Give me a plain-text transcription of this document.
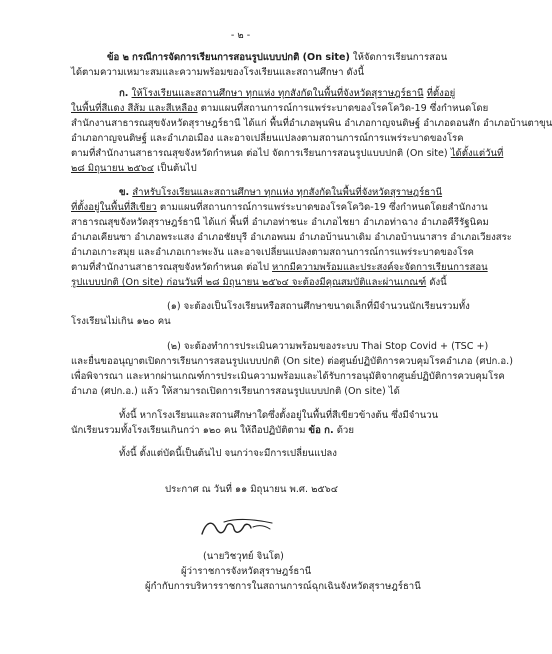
- ๒ -

ข้อ ๒ กรณีการจัดการเรียนการสอนรูปแบบปกติ (On site) ให้จัดการเรียนการสอน

ได้ตามความเหมาะสมและความพร้อมของโรงเรียนและสถานศึกษา ดังนี้

ก. ให้โรงเรียนและสถานศึกษา ทุกแห่ง ทุกสังกัดในพื้นที่จังหวัดสุราษฎร์ธานี ที่ตั้งอยู่

ในพื้นที่สีแดง สีส้ม และสีเหลือง ตามแผนที่สถานการณ์การแพร่ระบาดของโรคโควิด-19 ซึ่งกำหนดโดย

สำนักงานสาธารณสุขจังหวัดสุราษฎร์ธานี ได้แก่ พื้นที่อำเภอพุนพิน อำเภอกาญจนดิษฐ์ อำเภอดอนสัก อำเภอบ้านตาขุน

อำเภอกาญจนดิษฐ์ และอำเภอเมือง และอาจเปลี่ยนแปลงตามสถานการณ์การแพร่ระบาดของโรค

ตามที่สำนักงานสาธารณสุขจังหวัดกำหนด ต่อไป จัดการเรียนการสอนรูปแบบปกติ (On site) ได้ตั้งแต่วันที่

๒๘ มิถุนายน ๒๕๖๔ เป็นต้นไป

ข. สำหรับโรงเรียนและสถานศึกษา ทุกแห่ง ทุกสังกัดในพื้นที่จังหวัดสุราษฎร์ธานี

ที่ตั้งอยู่ในพื้นที่สีเขียว ตามแผนที่สถานการณ์การแพร่ระบาดของโรคโควิด-19 ซึ่งกำหนดโดยสำนักงาน

สาธารณสุขจังหวัดสุราษฎร์ธานี ได้แก่ พื้นที่ อำเภอท่าชนะ อำเภอไชยา อำเภอท่าฉาง อำเภอคีรีรัฐนิคม

อำเภอเคียนซา อำเภอพระแสง อำเภอชัยบุรี อำเภอพนม อำเภอบ้านนาเดิม อำเภอบ้านนาสาร อำเภอเวียงสระ

อำเภอเกาะสมุย และอำเภอเกาะพะงัน และอาจเปลี่ยนแปลงตามสถานการณ์การแพร่ระบาดของโรค

ตามที่สำนักงานสาธารณสุขจังหวัดกำหนด ต่อไป หากมีความพร้อมและประสงค์จะจัดการเรียนการสอน

รูปแบบปกติ (On site) ก่อนวันที่ ๒๘ มิถุนายน ๒๕๖๔ จะต้องมีคุณสมบัติและผ่านเกณฑ์ ดังนี้

(๑) จะต้องเป็นโรงเรียนหรือสถานศึกษาขนาดเล็กที่มีจำนวนนักเรียนรวมทั้ง

โรงเรียนไม่เกิน ๑๒๐ คน

(๒) จะต้องทำการประเมินความพร้อมของระบบ Thai Stop Covid + (TSC +)

และยื่นขออนุญาตเปิดการเรียนการสอนรูปแบบปกติ (On site) ต่อศูนย์ปฏิบัติการควบคุมโรคอำเภอ (ศปก.อ.)

เพื่อพิจารณา และหากผ่านเกณฑ์การประเมินความพร้อมและได้รับการอนุมัติจากศูนย์ปฏิบัติการควบคุมโรค

อำเภอ (ศปก.อ.) แล้ว ให้สามารถเปิดการเรียนการสอนรูปแบบปกติ (On site) ได้

ทั้งนี้ หากโรงเรียนและสถานศึกษาใดซึ่งตั้งอยู่ในพื้นที่สีเขียวข้างต้น ซึ่งมีจำนวน

นักเรียนรวมทั้งโรงเรียนเกินกว่า ๑๒๐ คน ให้ถือปฏิบัติตาม ข้อ ก. ด้วย

ทั้งนี้ ตั้งแต่บัดนี้เป็นต้นไป จนกว่าจะมีการเปลี่ยนแปลง

ประกาศ ณ วันที่ ๑๑ มิถุนายน พ.ศ. ๒๕๖๔

(นายวิชวุทย์ จินโต)

ผู้ว่าราชการจังหวัดสุราษฎร์ธานี

ผู้กำกับการบริหารราชการในสถานการณ์ฉุกเฉินจังหวัดสุราษฎร์ธานี
